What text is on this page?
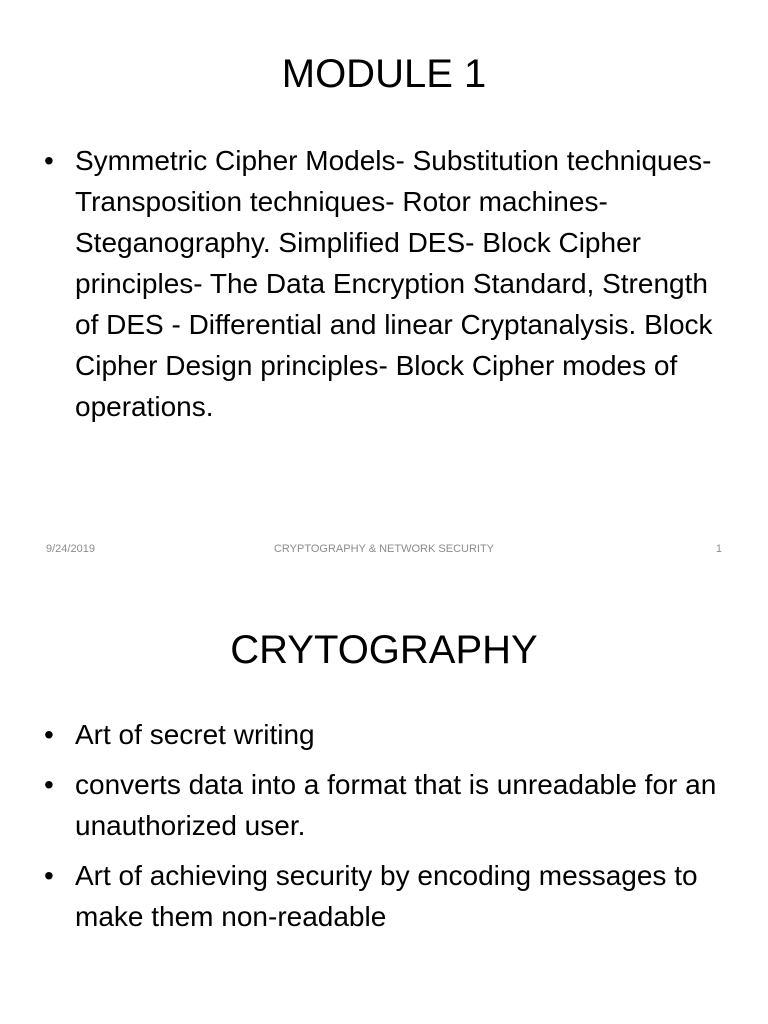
MODULE 1
• Symmetric Cipher Models- Substitution techniques- Transposition techniques- Rotor machines-Steganography. Simplified DES- Block Cipher principles- The Data Encryption Standard, Strength of DES - Differential and linear Cryptanalysis. Block Cipher Design principles- Block Cipher modes of operations.
9/24/2019	CRYPTOGRAPHY & NETWORK SECURITY	1
CRYTOGRAPHY
• Art of secret writing
• converts data into a format that is unreadable for an unauthorized user.
• Art of achieving security by encoding messages to make them non-readable
